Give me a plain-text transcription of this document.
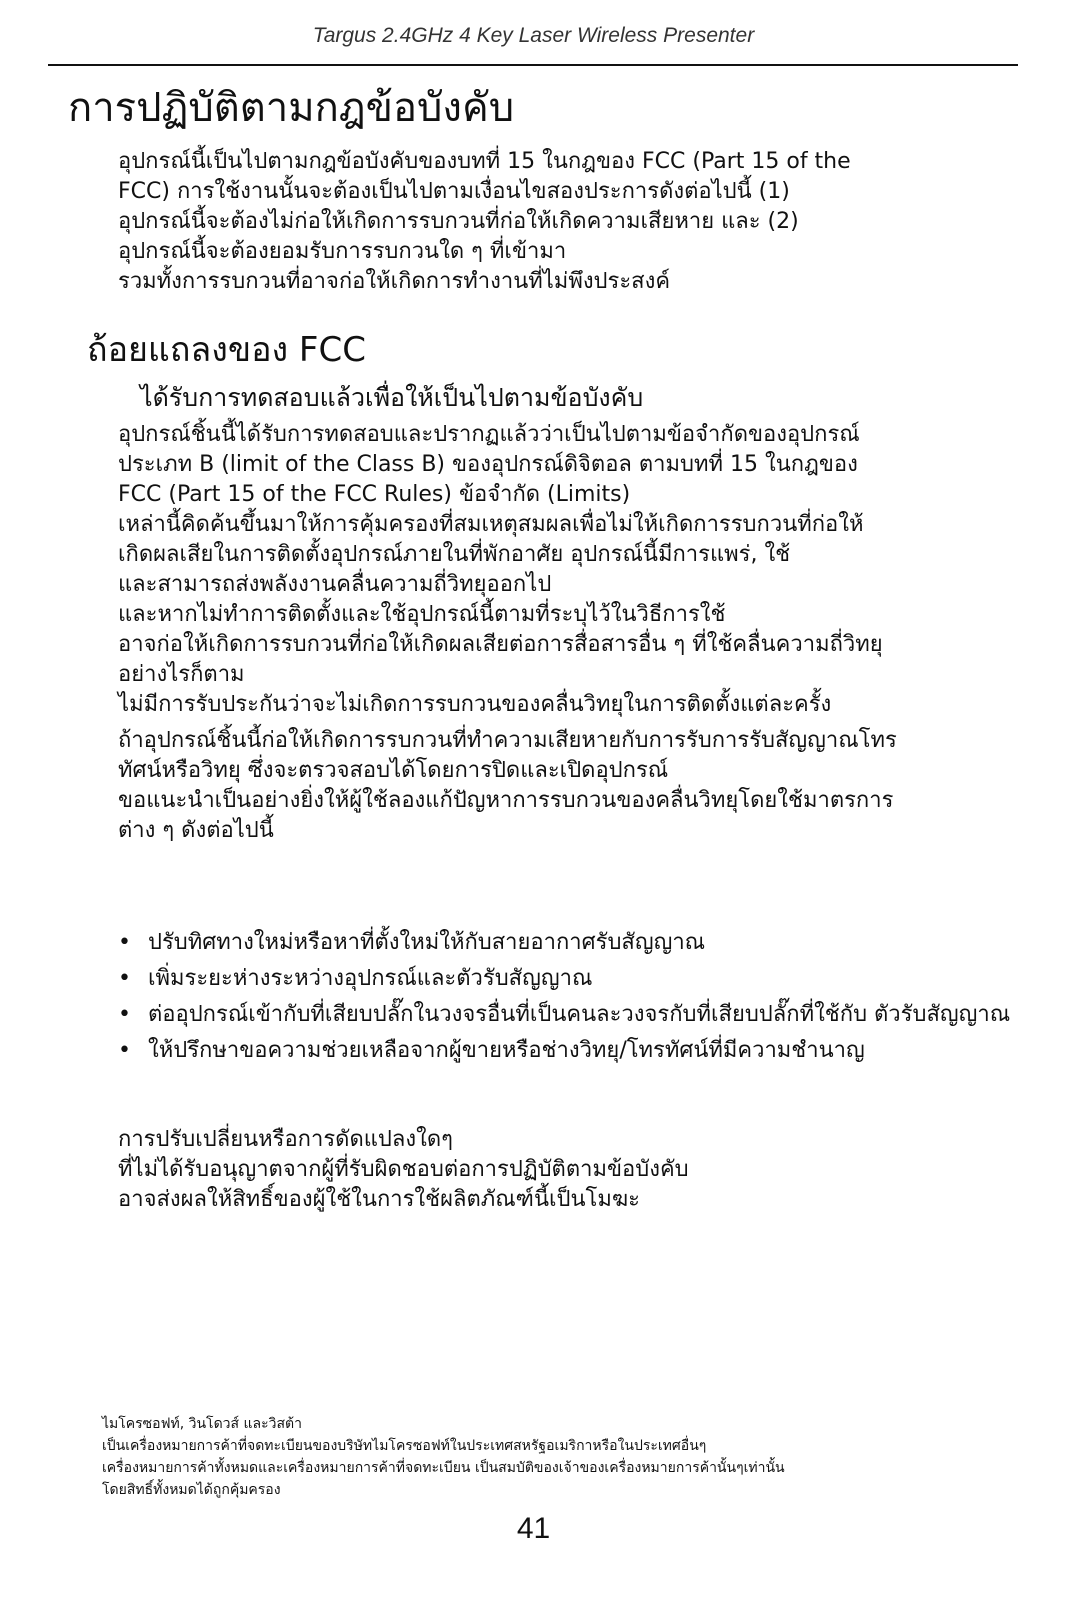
Targus 2.4GHz 4 Key Laser Wireless Presenter
การปฏิบัติตามกฎข้อบังคับ
อุปกรณ์นี้เป็นไปตามกฎข้อบังคับของบทที่ 15 ในกฎของ FCC (Part 15 of the
FCC) การใช้งานนั้นจะต้องเป็นไปตามเงื่อนไขสองประการดังต่อไปนี้ (1)
อุปกรณ์นี้จะต้องไม่ก่อให้เกิดการรบกวนที่ก่อให้เกิดความเสียหาย และ (2)
อุปกรณ์นี้จะต้องยอมรับการรบกวนใด ๆ ที่เข้ามา
รวมทั้งการรบกวนที่อาจก่อให้เกิดการทำงานที่ไม่พึงประสงค์
ถ้อยแถลงของ FCC
ได้รับการทดสอบแล้วเพื่อให้เป็นไปตามข้อบังคับ
อุปกรณ์ชิ้นนี้ได้รับการทดสอบและปรากฏแล้วว่าเป็นไปตามข้อจำกัดของอุปกรณ์
ประเภท B (limit of the Class B) ของอุปกรณ์ดิจิตอล ตามบทที่ 15 ในกฎของ
FCC (Part 15 of the FCC Rules) ข้อจำกัด (Limits)
เหล่านี้คิดค้นขึ้นมาให้การคุ้มครองที่สมเหตุสมผลเพื่อไม่ให้เกิดการรบกวนที่ก่อให้
เกิดผลเสียในการติดตั้งอุปกรณ์ภายในที่พักอาศัย อุปกรณ์นี้มีการแพร่, ใช้
และสามารถส่งพลังงานคลื่นความถี่วิทยุออกไป
และหากไม่ทำการติดตั้งและใช้อุปกรณ์นี้ตามที่ระบุไว้ในวิธีการใช้
อาจก่อให้เกิดการรบกวนที่ก่อให้เกิดผลเสียต่อการสื่อสารอื่น ๆ ที่ใช้คลื่นความถี่วิทยุ
อย่างไรก็ตาม
ไม่มีการรับประกันว่าจะไม่เกิดการรบกวนของคลื่นวิทยุในการติดตั้งแต่ละครั้ง
ถ้าอุปกรณ์ชิ้นนี้ก่อให้เกิดการรบกวนที่ทำความเสียหายกับการรับการรับสัญญาณโทร
ทัศน์หรือวิทยุ ซึ่งจะตรวจสอบได้โดยการปิดและเปิดอุปกรณ์
ขอแนะนำเป็นอย่างยิ่งให้ผู้ใช้ลองแก้ปัญหาการรบกวนของคลื่นวิทยุโดยใช้มาตรการ
ต่าง ๆ ดังต่อไปนี้
• ปรับทิศทางใหม่หรือหาที่ตั้งใหม่ให้กับสายอากาศรับสัญญาณ
• เพิ่มระยะห่างระหว่างอุปกรณ์และตัวรับสัญญาณ
• ต่ออุปกรณ์เข้ากับที่เสียบปลั๊กในวงจรอื่นที่เป็นคนละวงจรกับที่เสียบปลั๊กที่ใช้กับ ตัวรับสัญญาณ
• ให้ปรึกษาขอความช่วยเหลือจากผู้ขายหรือช่างวิทยุ/โทรทัศน์ที่มีความชำนาญ
การปรับเปลี่ยนหรือการดัดแปลงใดๆ
ที่ไม่ได้รับอนุญาตจากผู้ที่รับผิดชอบต่อการปฏิบัติตามข้อบังคับ
อาจส่งผลให้สิทธิ์ของผู้ใช้ในการใช้ผลิตภัณฑ์นี้เป็นโมฆะ

ไมโครซอฟท์, วินโดวส์ และวิสต้า

เป็นเครื่องหมายการค้าที่จดทะเบียนของบริษัทไมโครซอฟท์ในประเทศสหรัฐอเมริกาหรือในประเทศอื่นๆ

เครื่องหมายการค้าทั้งหมดและเครื่องหมายการค้าที่จดทะเบียน เป็นสมบัติของเจ้าของเครื่องหมายการค้านั้นๆเท่านั้น

โดยสิทธิ์ทั้งหมดได้ถูกคุ้มครอง

41
